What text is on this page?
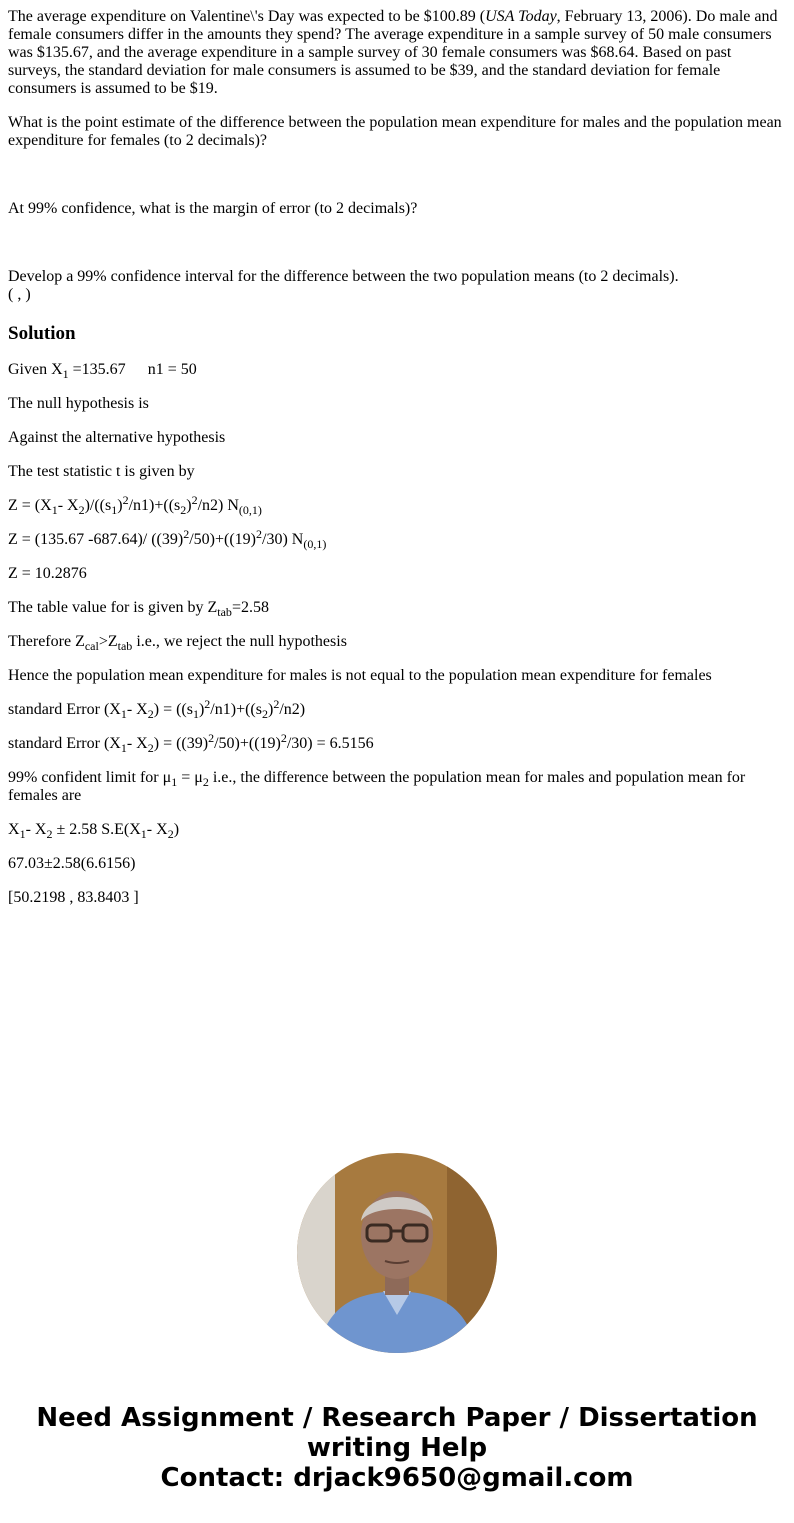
The average expenditure on Valentine\'s Day was expected to be $100.89 (USA Today, February 13, 2006). Do male and female consumers differ in the amounts they spend? The average expenditure in a sample survey of 50 male consumers was $135.67, and the average expenditure in a sample survey of 30 female consumers was $68.64. Based on past surveys, the standard deviation for male consumers is assumed to be $39, and the standard deviation for female consumers is assumed to be $19.

What is the point estimate of the difference between the population mean expenditure for males and the population mean expenditure for females (to 2 decimals)?

At 99% confidence, what is the margin of error (to 2 decimals)?

Develop a 99% confidence interval for the difference between the two population means (to 2 decimals).

( , )

Solution

Given $X_1 =135.67$ n1 = 50

The null hypothesis is

Against the alternative hypothesis

The test statistic t is given by

$Z = (X_1-$ $X_2)/((s_1)^2/n1)+((s_2)^2/n2)$ $N_{(0,1)}$

Z = (135.67 -687.64)/ $((39)^2/50)+((19)^2/30)$ $N_{(0,1)}$

Z = 10.2876

The table value for is given by $Z_{tab}=2.58$

Therefore $Z_{cal}>Z_{tab}$ i.e., we reject the null hypothesis

Hence the population mean expenditure for males is not equal to the population mean expenditure for females

standard Error ($X_1-$ $X_2) = ((s_1)^2/n1)+((s_2)^2/n2)$

standard Error ($X_1-$ $X_2) = ((39)^2/50)+((19)^2/30) = 6.5156$

99% confident limit for $\mu_1 = \mu_2$ i.e., the difference between the population mean for males and population mean for females are

$X_1-$ $X_2 \pm 2.58$ $S.E(X_1-$ $X_2$)

67.03±2.58(6.6156)

[50.2198 , 83.8403 ]

Need Assignment / Research Paper / Dissertation
writing Help
Contact: drjack9650@gmail.com
